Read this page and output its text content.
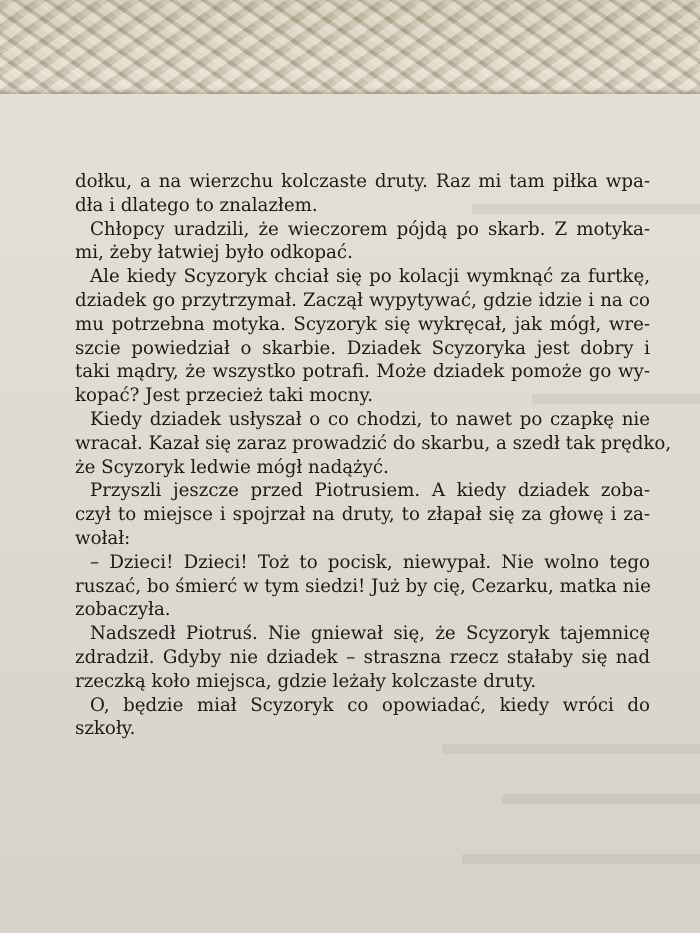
dołku, a na wierzchu kolczaste druty. Raz mi tam piłka wpa-
dła i dlatego to znalazłem.
Chłopcy uradzili, że wieczorem pójdą po skarb. Z motyka-
mi, żeby łatwiej było odkopać.
Ale kiedy Scyzoryk chciał się po kolacji wymknąć za furtkę,
dziadek go przytrzymał. Zaczął wypytywać, gdzie idzie i na co
mu potrzebna motyka. Scyzoryk się wykręcał, jak mógł, wre-
szcie powiedział o skarbie. Dziadek Scyzoryka jest dobry i
taki mądry, że wszystko potrafi. Może dziadek pomoże go wy-
kopać? Jest przecież taki mocny.
Kiedy dziadek usłyszał o co chodzi, to nawet po czapkę nie
wracał. Kazał się zaraz prowadzić do skarbu, a szedł tak prędko,
że Scyzoryk ledwie mógł nadążyć.
Przyszli jeszcze przed Piotrusiem. A kiedy dziadek zoba-
czył to miejsce i spojrzał na druty, to złapał się za głowę i za-
wołał:
– Dzieci! Dzieci! Toż to pocisk, niewypał. Nie wolno tego
ruszać, bo śmierć w tym siedzi! Już by cię, Cezarku, matka nie
zobaczyła.
Nadszedł Piotruś. Nie gniewał się, że Scyzoryk tajemnicę
zdradził. Gdyby nie dziadek – straszna rzecz stałaby się nad
rzeczką koło miejsca, gdzie leżały kolczaste druty.
O, będzie miał Scyzoryk co opowiadać, kiedy wróci do
szkoły.
